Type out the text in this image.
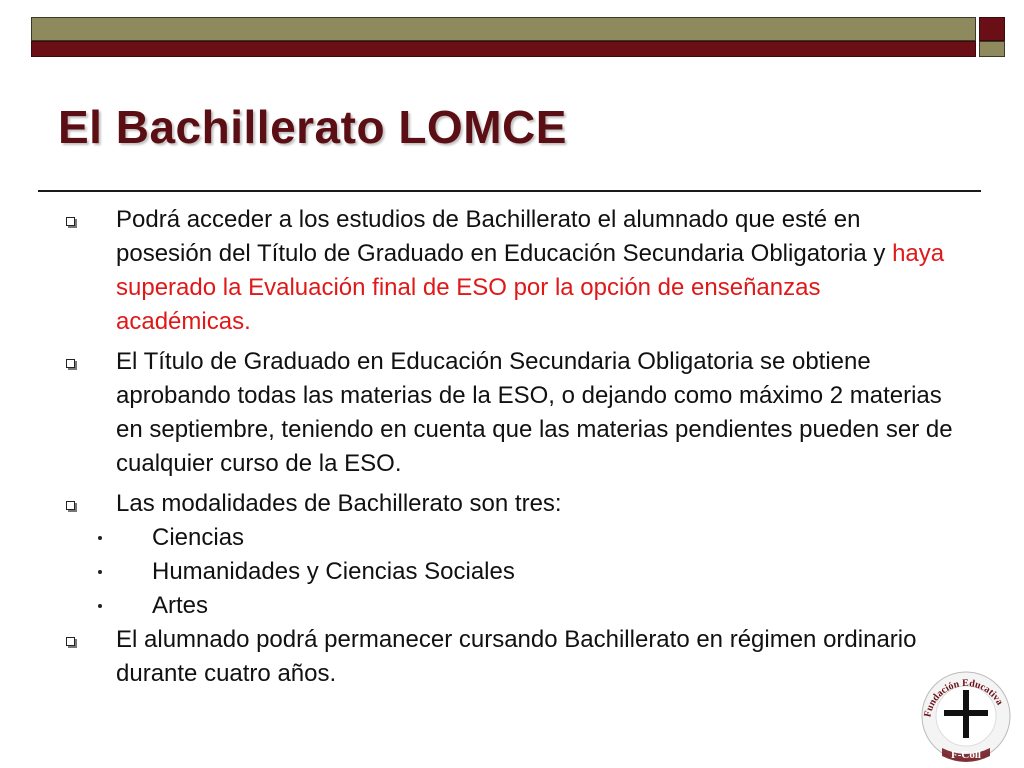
El Bachillerato LOMCE
Podrá acceder a los estudios de Bachillerato el alumnado que esté en posesión del Título de Graduado en Educación Secundaria Obligatoria y haya superado la Evaluación final de ESO por la opción de enseñanzas académicas.
El Título de Graduado en Educación Secundaria Obligatoria se obtiene aprobando todas las materias de la ESO, o dejando como máximo 2 materias en septiembre, teniendo en cuenta que las materias pendientes pueden ser de cualquier curso de la ESO.
Las modalidades de Bachillerato son tres:
Ciencias
Humanidades y Ciencias Sociales
Artes
El alumnado podrá permanecer cursando Bachillerato en régimen ordinario durante cuatro años.
Fundación Educativa
F-Coll
